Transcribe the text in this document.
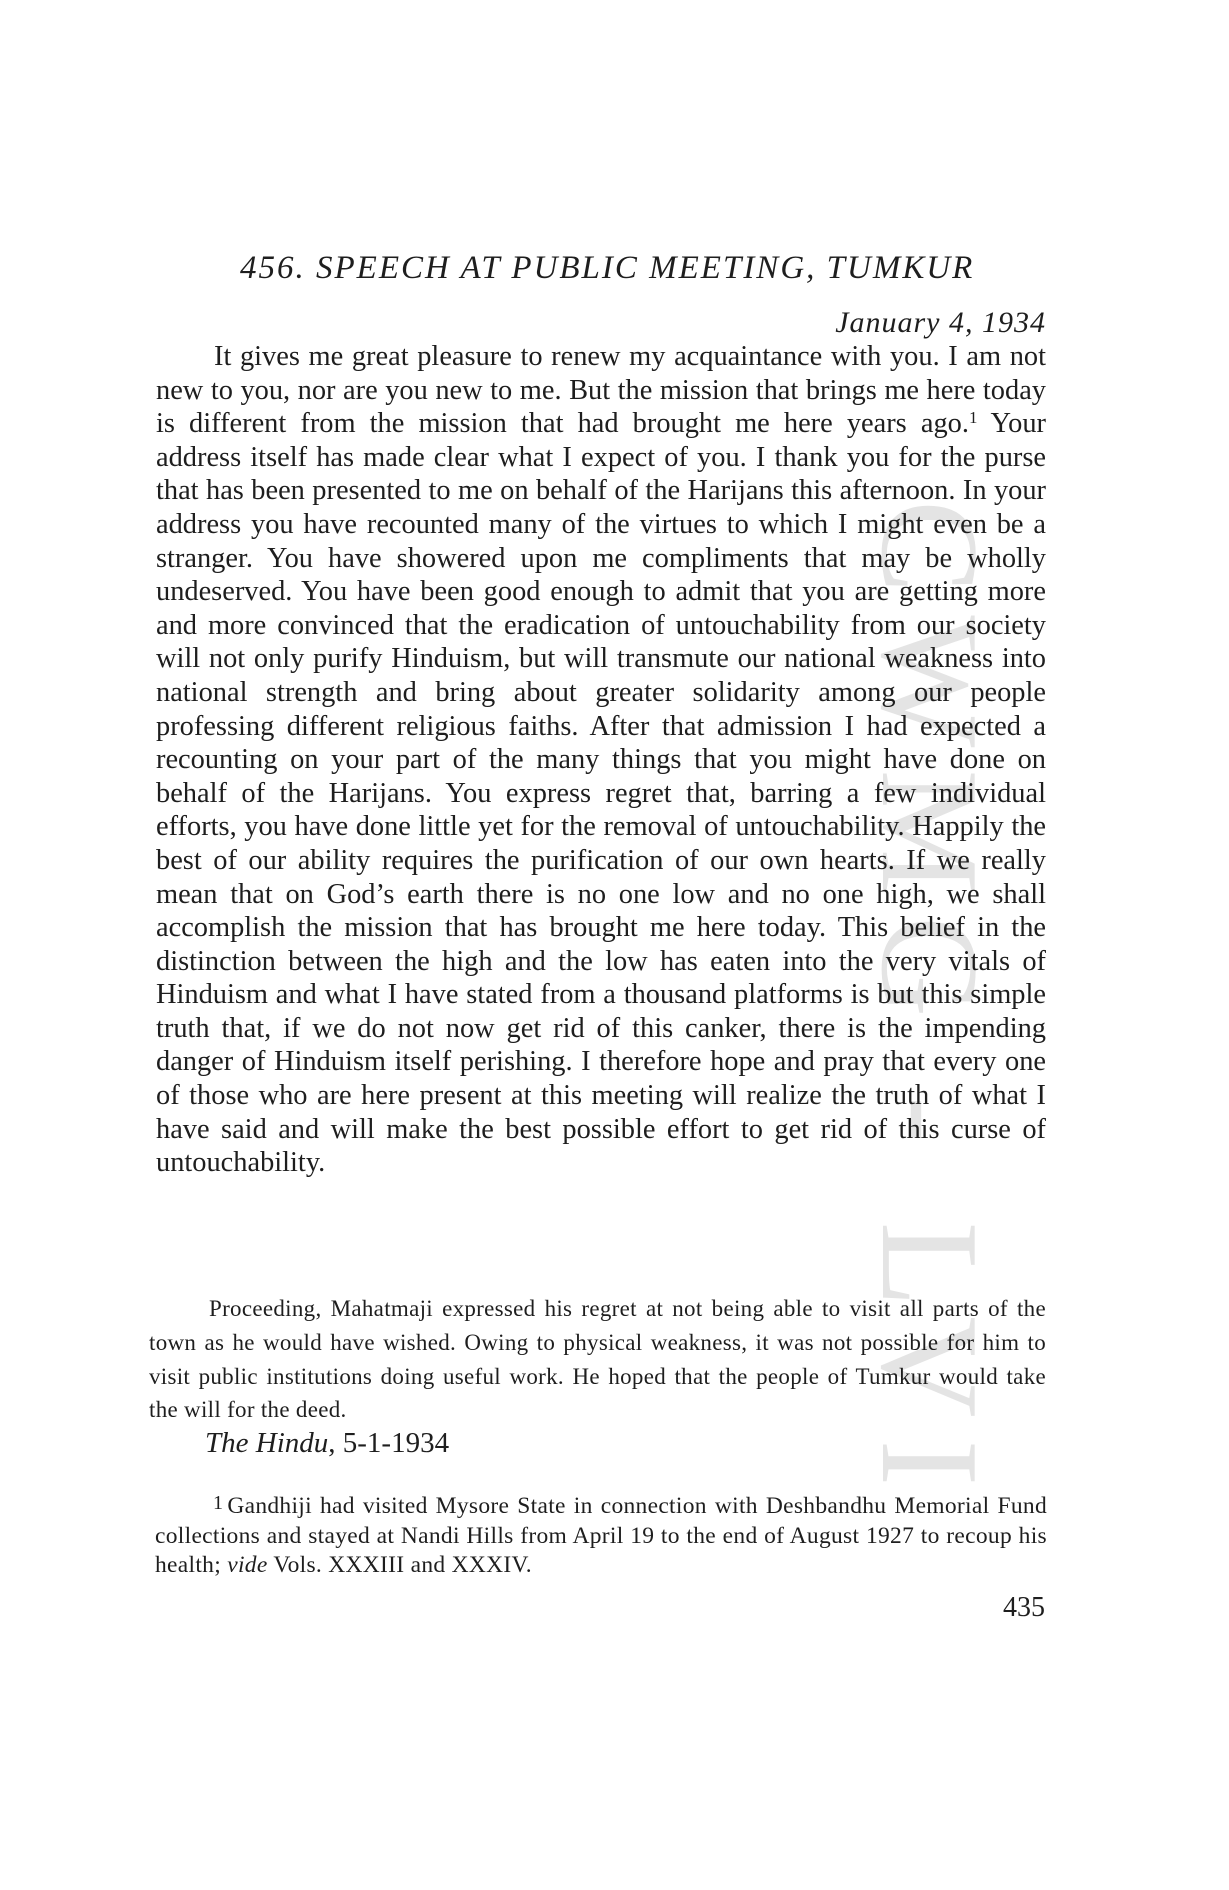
CWMG - LVI
456. SPEECH AT PUBLIC MEETING, TUMKUR
January 4, 1934

It gives me great pleasure to renew my acquaintance with you. I am not new to you, nor are you new to me. But the mission that brings me here today is different from the mission that had brought me here years ago.$^1$ Your address itself has made clear what I expect of you. I thank you for the purse that has been presented to me on behalf of the Harijans this afternoon. In your address you have recounted many of the virtues to which I might even be a stranger. You have showered upon me compliments that may be wholly undeserved. You have been good enough to admit that you are getting more and more convinced that the eradication of untouchability from our society will not only purify Hinduism, but will transmute our national weakness into national strength and bring about greater solidarity among our people professing different religious faiths. After that admission I had expected a recounting on your part of the many things that you might have done on behalf of the Harijans. You express regret that, barring a few individual efforts, you have done little yet for the removal of untouchability. Happily the best of our ability requires the purification of our own hearts. If we really mean that on God’s earth there is no one low and no one high, we shall accomplish the mission that has brought me here today. This belief in the distinction between the high and the low has eaten into the very vitals of Hinduism and what I have stated from a thousand platforms is but this simple truth that, if we do not now get rid of this canker, there is the impending danger of Hinduism itself perishing. I therefore hope and pray that every one of those who are here present at this meeting will realize the truth of what I have said and will make the best possible effort to get rid of this curse of untouchability.

Proceeding, Mahatmaji expressed his regret at not being able to visit all parts of the town as he would have wished. Owing to physical weakness, it was not possible for him to visit public institutions doing useful work. He hoped that the people of Tumkur would take the will for the deed.

The Hindu, 5-1-1934

1 Gandhiji had visited Mysore State in connection with Deshbandhu Memorial Fund collections and stayed at Nandi Hills from April 19 to the end of August 1927 to recoup his health; vide Vols. XXXIII and XXXIV.

435
